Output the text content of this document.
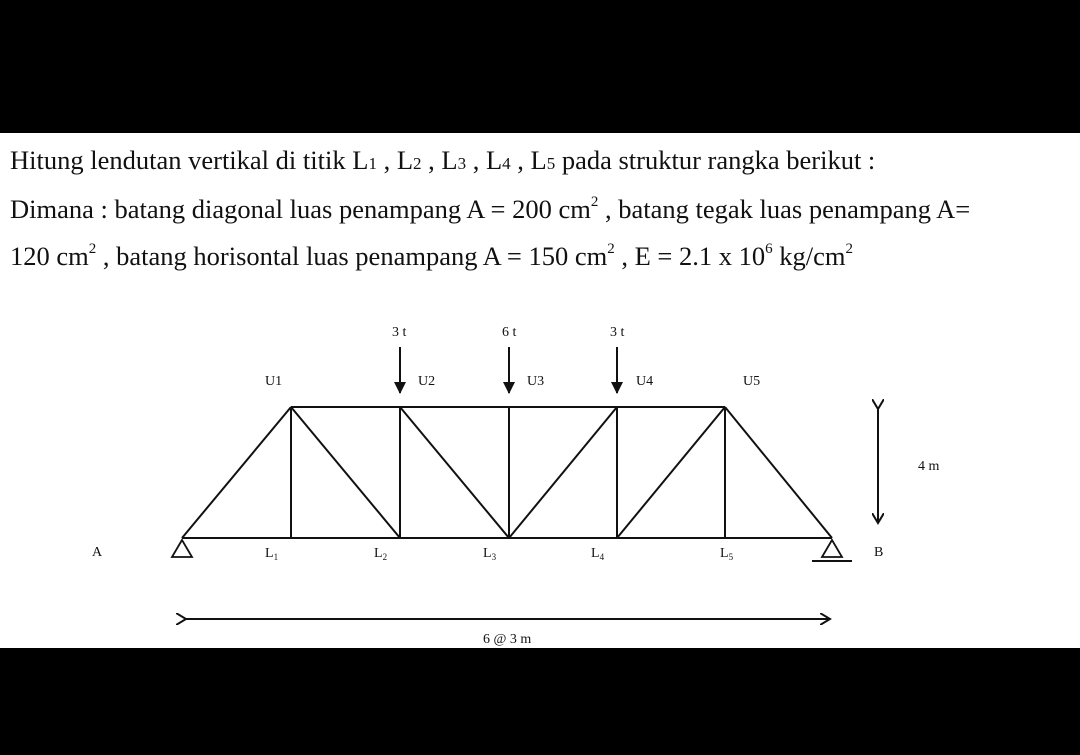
Hitung lendutan vertikal di titik L1 , L2 , L3 , L4 , L5 pada struktur rangka berikut :
Dimana : batang diagonal luas penampang A = 200 $cm^2$ , batang tegak luas penampang A=
120 $cm^2$ , batang horisontal luas penampang A = 150 $cm^2$ , E = 2.1 x $10^6$ $kg/cm^2$
A	B
U1	U2	U3	U4	U5
$L_1$	$L_2$	$L_3$	$L_4$	$L_5$
3 t	6 t	3 t
4 m
6 @ 3 m
